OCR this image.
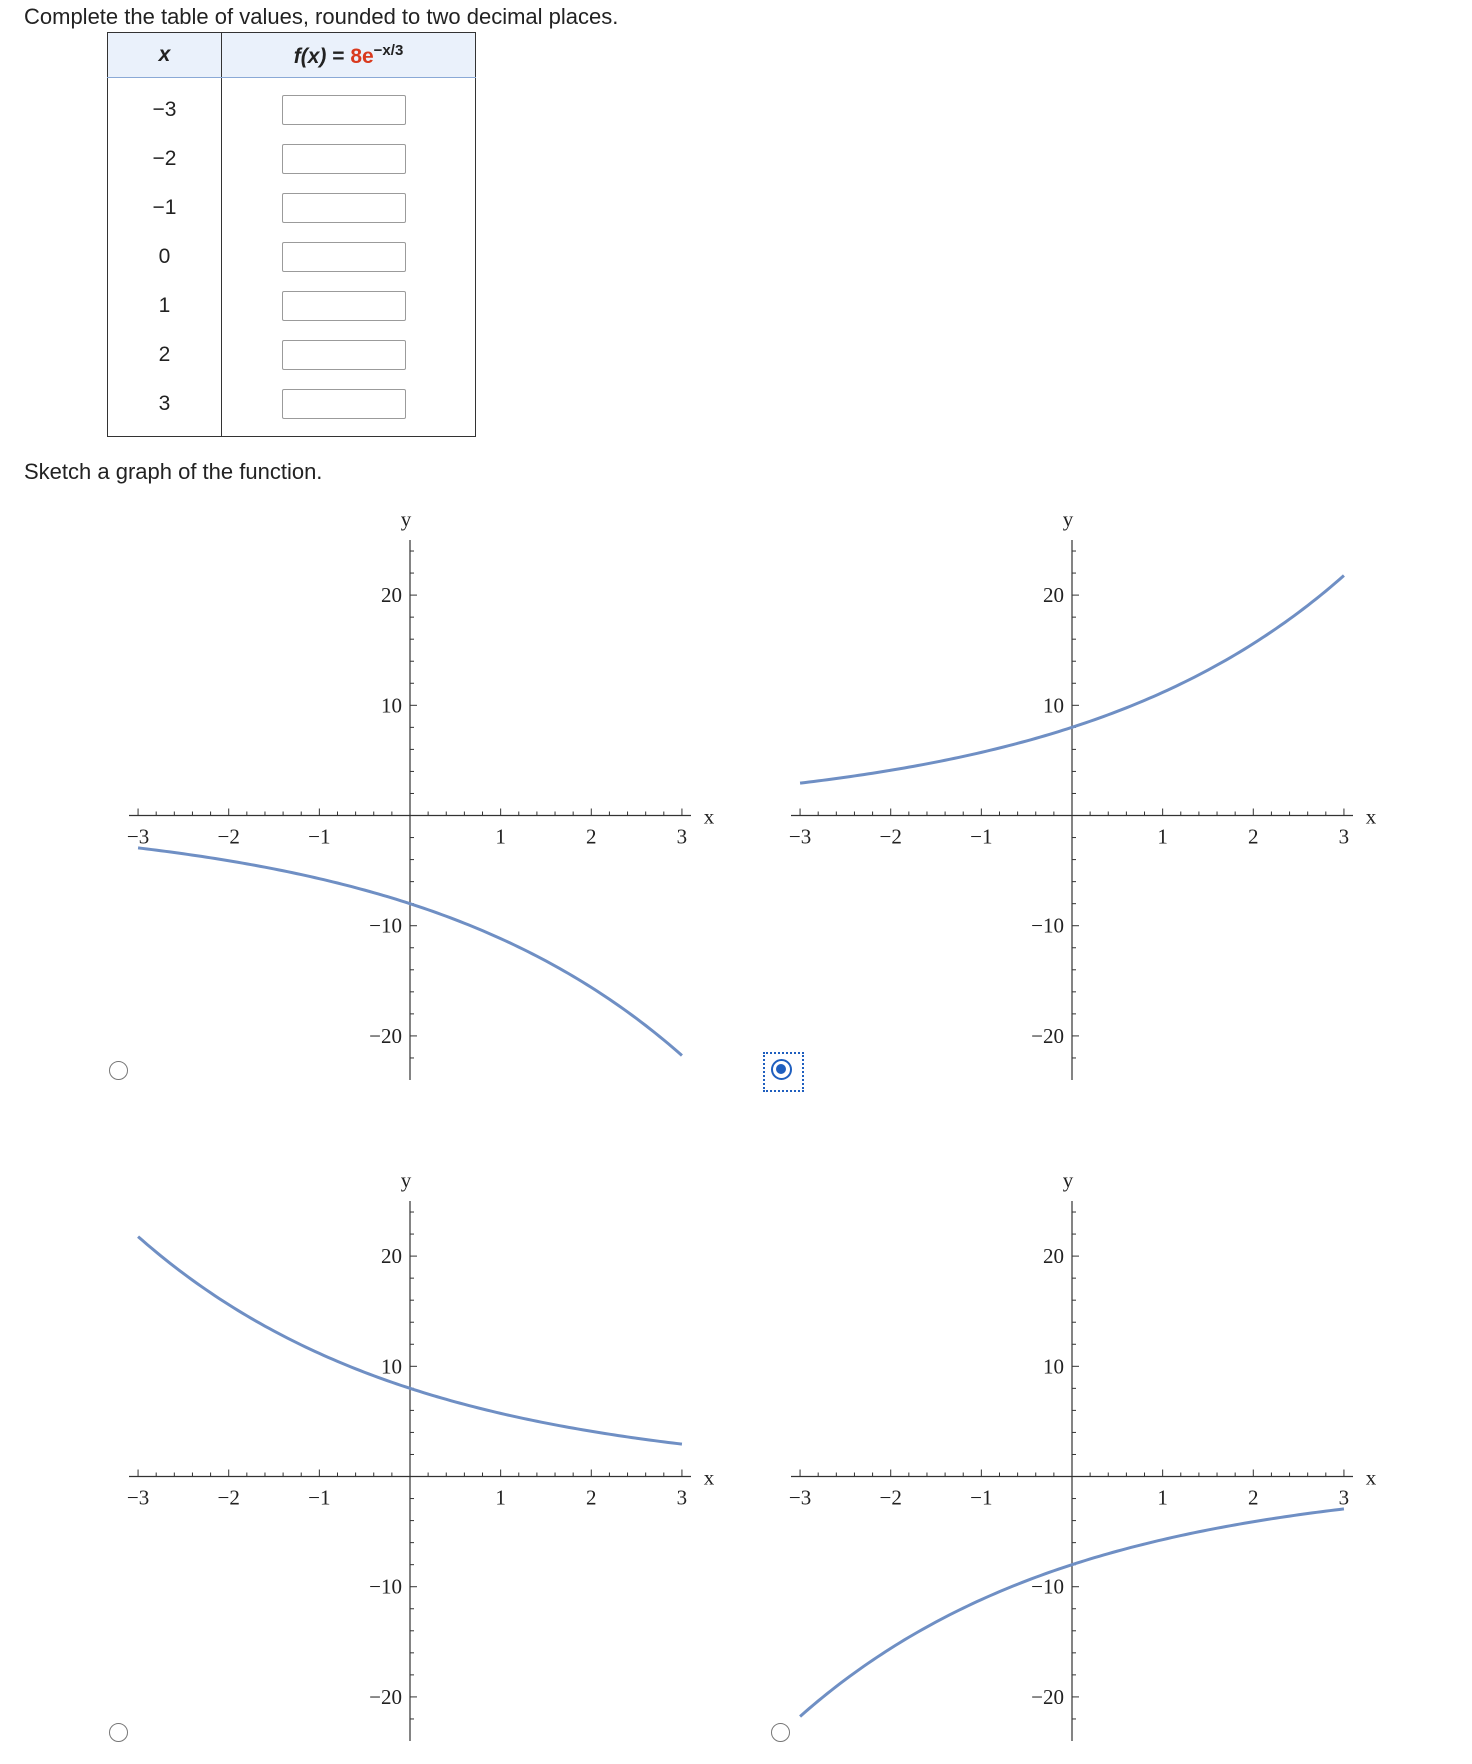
Complete the table of values, rounded to two decimal places.
x	$f(x) = 8e^{-x/3}$
−3	

−2	

−1	

0	

1	

2	

3	
Sketch a graph of the function.
−3	−2	−1	1	2	3
20
10
−10
−20
x
y
−3	−2	−1	1	2	3
20
10
−10
−20
x
y
−3	−2	−1	1	2	3
20
10
−10
−20
x
y
−3	−2	−1	1	2	3
20
10
−10
−20
x
y
